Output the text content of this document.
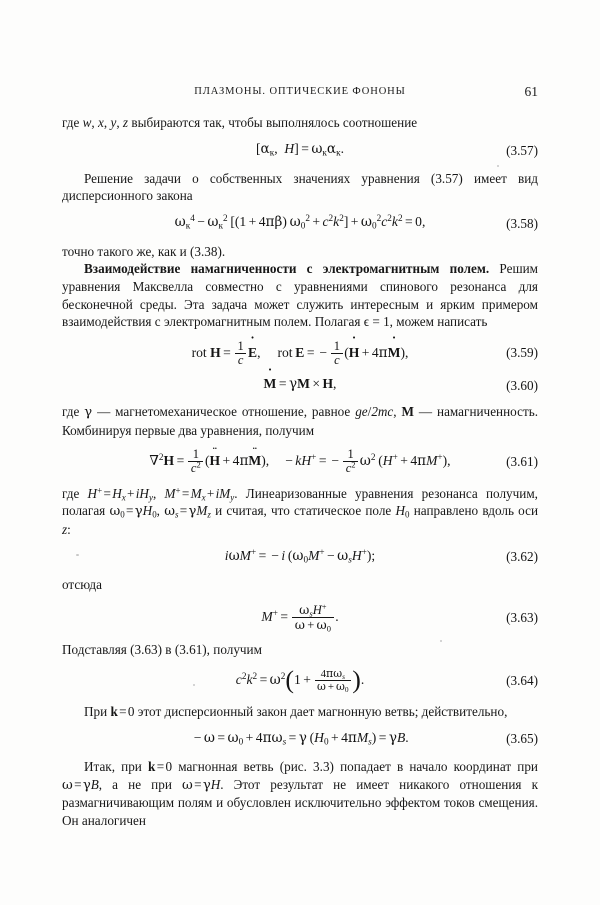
ПЛАЗМОНЫ. ОПТИЧЕСКИЕ ФОНОНЫ	61

где w, x, y, z выбираются так, чтобы выполнялось соотношение

[$\alpha_к$,  $H] = \omega_к\alpha_к$.	(3.57)

Решение задачи о собственных значениях уравнения (3.57) имеет вид дисперсионного закона

$\omega_к^4 - \omega_к^2$ [(1 + 4πβ) $\omega_0^2 + c^2k^2] + \omega_0^2c^2k^2 = 0$,	(3.58)

точно такого же, как и (3.38).

Взаимодействие намагниченности с электромагнитным полем. Решим уравнения Максвелла совместно с уравнениями спинового резонанса для бесконечной среды. Эта задача может служить интересным и ярким примером взаимодействия с электромагнитным полем. Полагая ϵ = 1, можем написать

rot $H = \frac{1}{c}$ E ˙,     rot  E = − $\frac{1}{c} (H$ ˙ + 4πM ˙),	(3.59)
M ˙ = γM × H,	(3.60)

где γ — магнетомеханическое отношение, равное ge/2mc, M — намагниченность. Комбинируя первые два уравнения, получим

$\nabla^2H = \frac{1}{c^2} (H$ ¨ + 4πM ¨),    − kH+ = − $\frac{1}{c^2} \omega^2$ (H+ + 4πM+),	(3.61)

где $H^+=H_x+iH_y$, $M^+=M_x+iM_y$. Линеаризованные уравнения резонанса получим, полагая $\omega_0=\gamma H_0$, $\omega_s=\gamma M_z$ и считая, что статическое поле $H_0$ направлено вдоль оси z:

iωM+ = − i $(\omega_0M^+ - \omega_sH^+)$;	(3.62)

отсюда

$M^+ = \frac{\omega_sH^+}{\omega + \omega_0}$ .	(3.63)

Подставляя (3.63) в (3.61), получим

$c^2k^2 = \omega^2(1 + \frac{4\pi\omega_s}{\omega + \omega_0}$ ).	(3.64)

При k=0 этот дисперсионный закон дает магнонную ветвь; действительно,

− $\omega = \omega_0 + 4\pi\omega_s = \gamma$ $(H_0 + 4\pi M_s) = \gamma B$.	(3.65)

Итак, при k=0 магнонная ветвь (рис. 3.3) попадает в начало координат при ω=γB, а не при ω=γH. Этот результат не имеет никакого отношения к размагничивающим полям и обусловлен исключительно эффектом токов смещения. Он аналогичен
